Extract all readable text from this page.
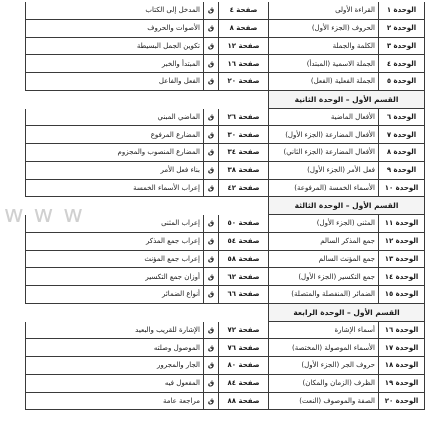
الوحدة ١
القراءة الأولى
صفحة ٤
ق
المدخل إلى الكتاب
الوحدة ٢
الحروف (الجزء الأول)
صفحة ٨
ق
الأصوات والحروف
الوحدة ٣
الكلمة والجملة
صفحة ١٢
ق
تكوين الجمل البسيطة
الوحدة ٤
الجملة الاسمية (المبتدأ)
صفحة ١٦
ق
المبتدأ والخبر
الوحدة ٥
الجملة الفعلية (الفعل)
صفحة ٢٠
ق
الفعل والفاعل
القسم الأول – الوحدة الثانية
الوحدة ٦
الأفعال الماضية
صفحة ٢٦
ق
الماضي المبني
الوحدة ٧
الأفعال المضارعة (الجزء الأول)
صفحة ٣٠
ق
المضارع المرفوع
الوحدة ٨
الأفعال المضارعة (الجزء الثاني)
صفحة ٣٤
ق
المضارع المنصوب والمجزوم
الوحدة ٩
فعل الأمر (الجزء الأول)
صفحة ٣٨
ق
بناء فعل الأمر
الوحدة ١٠
الأسماء الخمسة (المرفوعة)
صفحة ٤٢
ق
إعراب الأسماء الخمسة
القسم الأول – الوحدة الثالثة
الوحدة ١١
المثنى (الجزء الأول)
صفحة ٥٠
ق
إعراب المثنى
الوحدة ١٢
جمع المذكر السالم
صفحة ٥٤
ق
إعراب جمع المذكر
الوحدة ١٣
جمع المؤنث السالم
صفحة ٥٨
ق
إعراب جمع المؤنث
الوحدة ١٤
جمع التكسير (الجزء الأول)
صفحة ٦٢
ق
أوزان جمع التكسير
الوحدة ١٥
الضمائر (المنفصلة والمتصلة)
صفحة ٦٦
ق
أنواع الضمائر
القسم الأول – الوحدة الرابعة
الوحدة ١٦
أسماء الإشارة
صفحة ٧٢
ق
الإشارة للقريب والبعيد
الوحدة ١٧
الأسماء الموصولة (المختصة)
صفحة ٧٦
ق
الموصول وصلته
الوحدة ١٨
حروف الجر (الجزء الأول)
صفحة ٨٠
ق
الجار والمجرور
الوحدة ١٩
الظرف (الزمان والمكان)
صفحة ٨٤
ق
المفعول فيه
الوحدة ٢٠
الصفة والموصوف (النعت)
صفحة ٨٨
ق
مراجعة عامة
www
